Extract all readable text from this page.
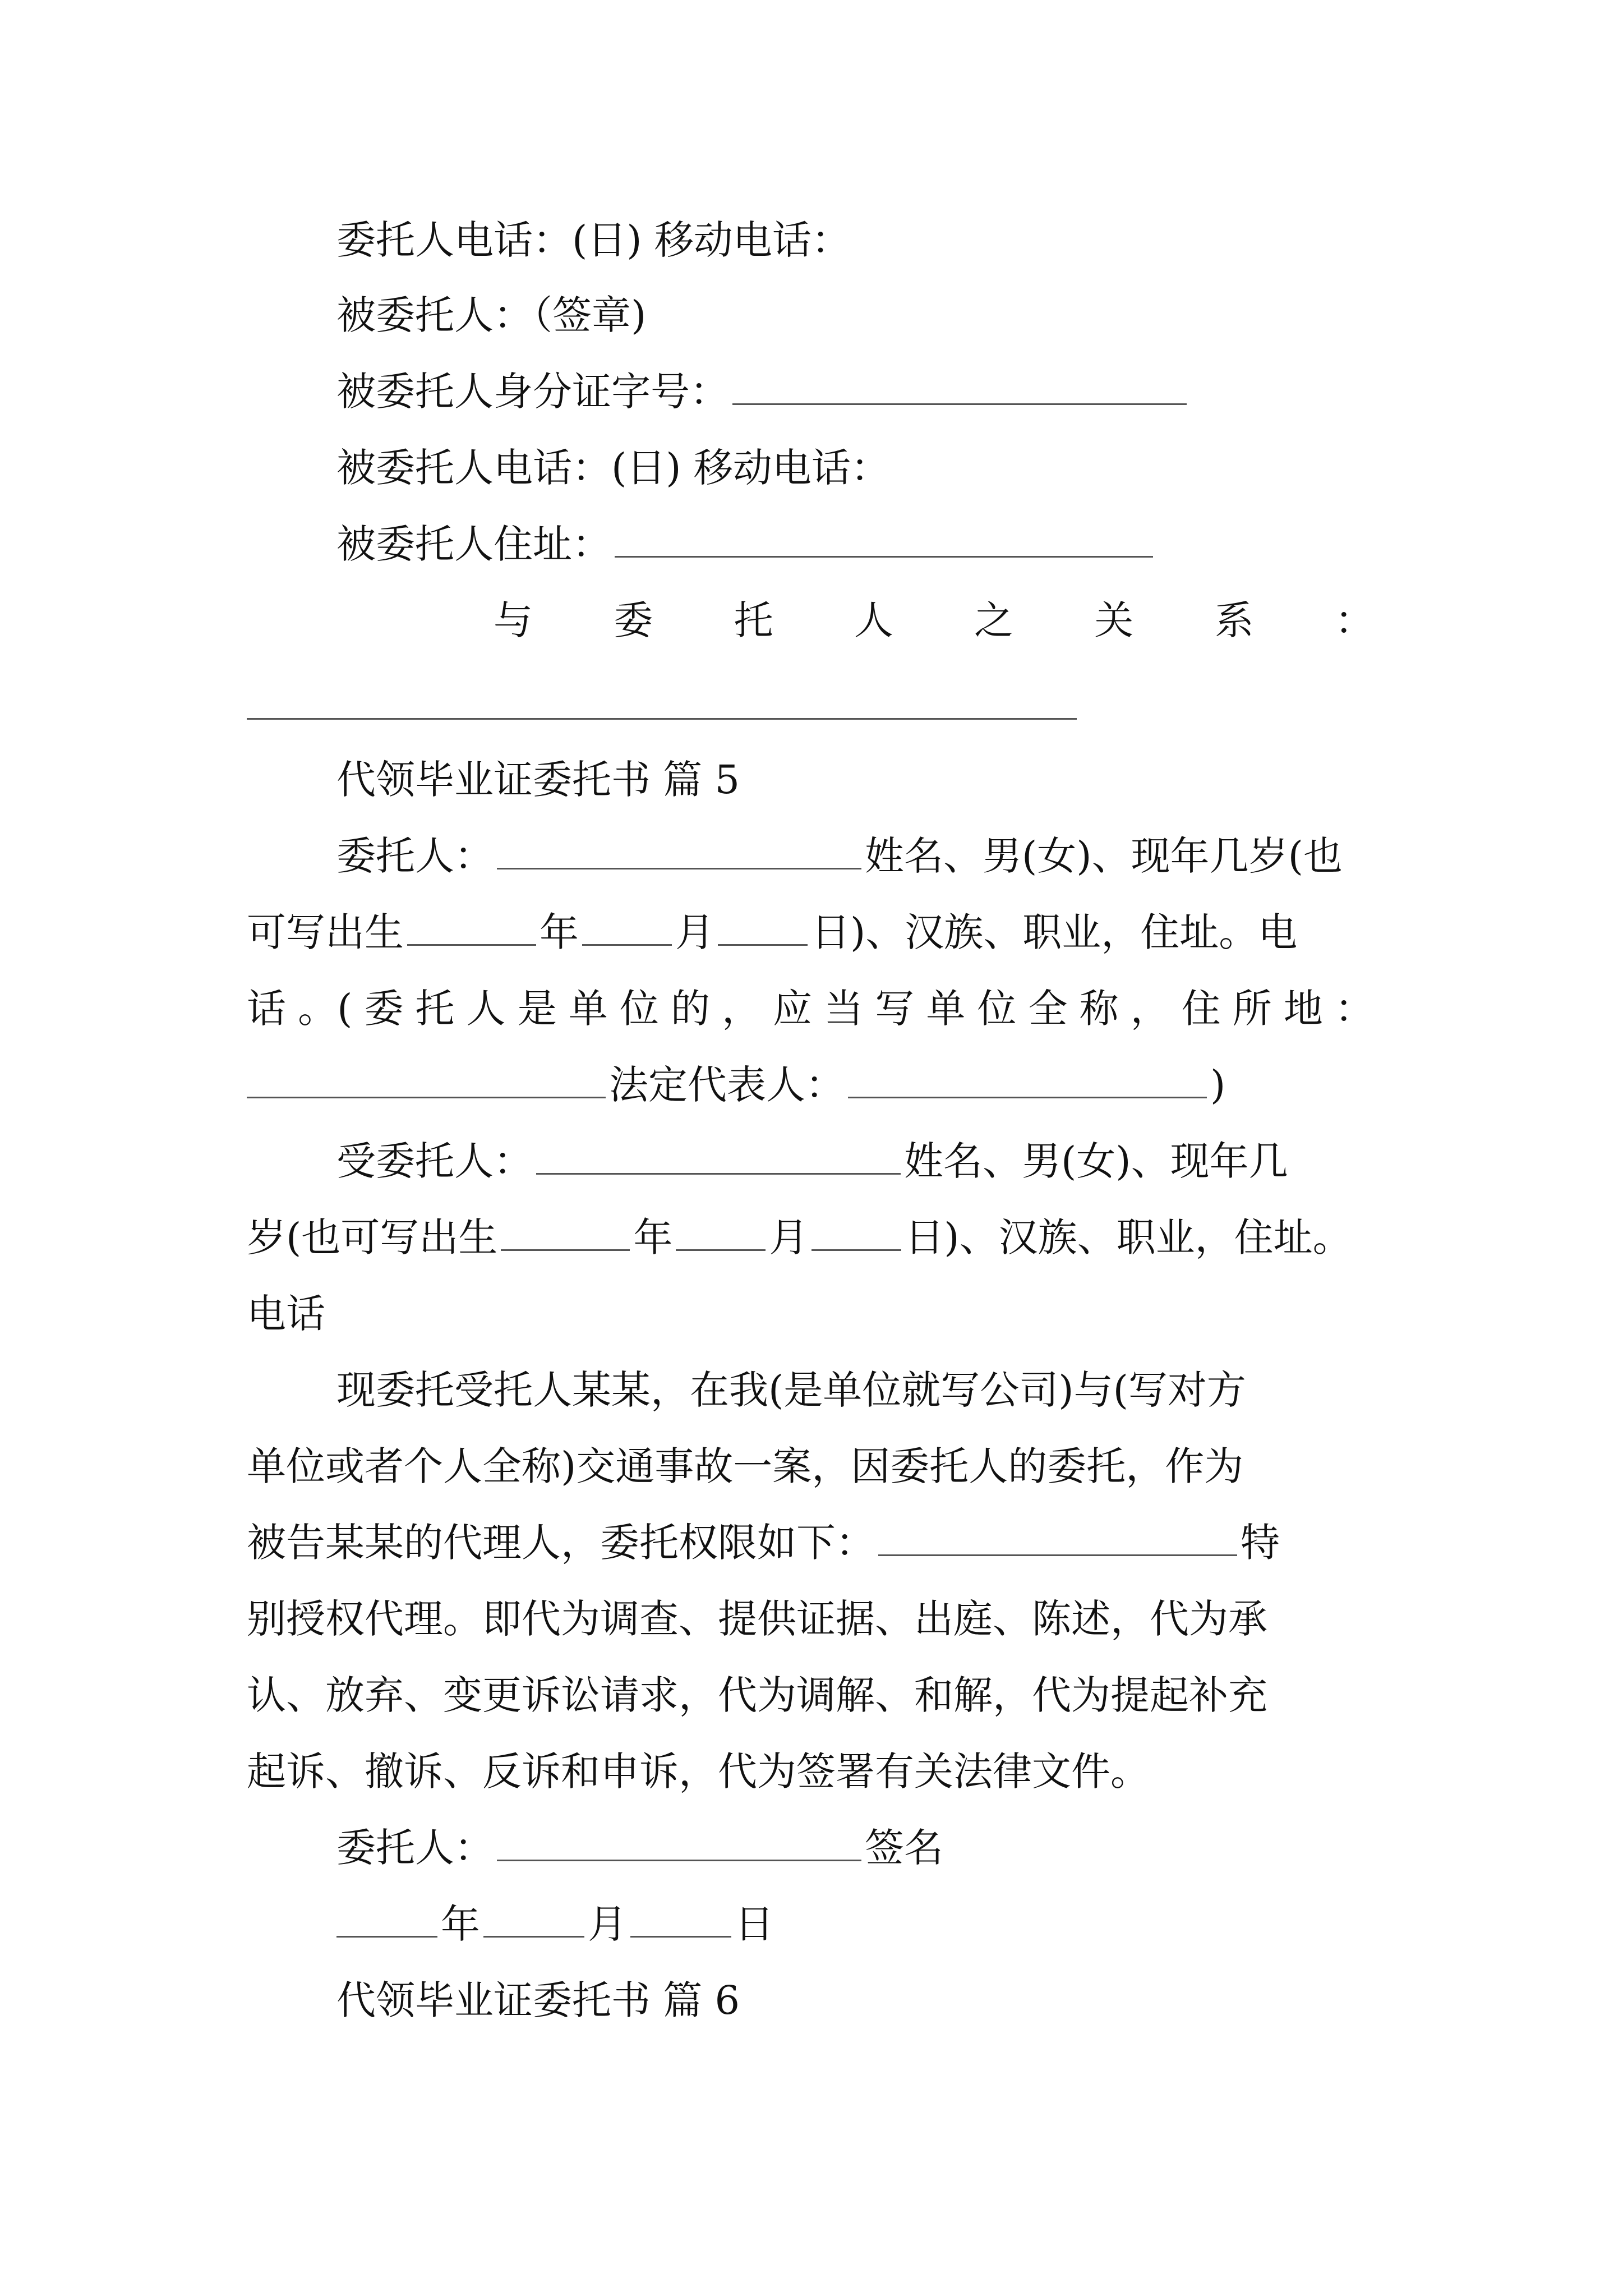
委托人电话：(日) 移动电话：
被委托人：（签章)
被委托人身分证字号：
被委托人电话：(日) 移动电话：
被委托人住址：
与 委 托 人 之 关 系 ：
代领毕业证委托书 篇 5
委托人：	姓名、男(女)、现年几岁(也
可写出生	年 月 日)、汉族、职业，住址。电
话 。( 委 托 人 是 单 位 的 ， 应 当 写 单 位 全 称 ， 住 所 地 ：
法定代表人：	)
受委托人：	姓名、男(女)、现年几
岁(也可写出生	年 月 日)、汉族、职业，住址。
电话
现委托受托人某某，在我(是单位就写公司)与(写对方
单位或者个人全称)交通事故一案，因委托人的委托，作为
被告某某的代理人，委托权限如下：	特
别授权代理。即代为调查、提供证据、出庭、陈述，代为承
认、放弃、变更诉讼请求，代为调解、和解，代为提起补充
起诉、撤诉、反诉和申诉，代为签署有关法律文件。
委托人：	签名
年	月	日
代领毕业证委托书 篇 6
